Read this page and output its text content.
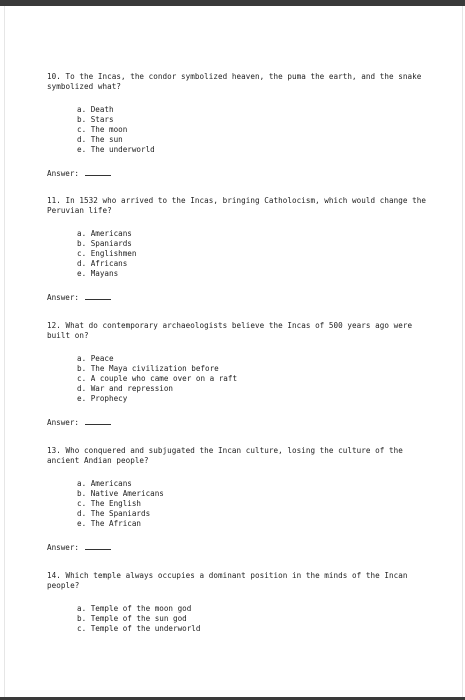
10. To the Incas, the condor symbolized heaven, the puma the earth, and the snake symbolized what?

a. Death
b. Stars
c. The moon
d. The sun
e. The underworld
Answer:

11. In 1532 who arrived to the Incas, bringing Catholocism, which would change the Peruvian life?

a. Americans
b. Spaniards
c. Englishmen
d. Africans
e. Mayans
Answer:

12. What do contemporary archaeologists believe the Incas of 500 years ago were built on?

a. Peace
b. The Maya civilization before
c. A couple who came over on a raft
d. War and repression
e. Prophecy
Answer:

13. Who conquered and subjugated the Incan culture, losing the culture of the ancient Andian people?

a. Americans
b. Native Americans
c. The English
d. The Spaniards
e. The African
Answer:

14. Which temple always occupies a dominant position in the minds of the Incan people?

a. Temple of the moon god
b. Temple of the sun god
c. Temple of the underworld
